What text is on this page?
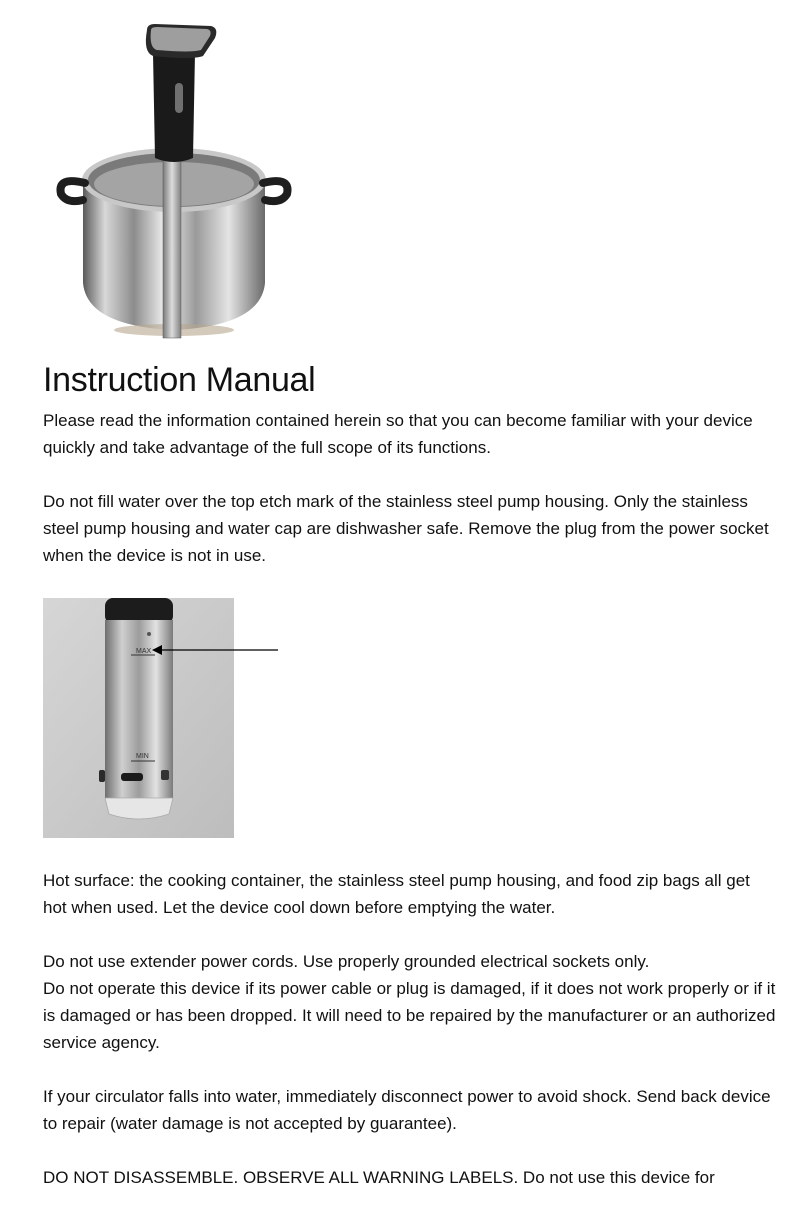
Instruction Manual

Please read the information contained herein so that you can become familiar with your device quickly and take advantage of the full scope of its functions.

Do not fill water over the top etch mark of the stainless steel pump housing. Only the stainless steel pump housing and water cap are dishwasher safe. Remove the plug from the power socket when the device is not in use.

MAX
MIN

Hot surface: the cooking container, the stainless steel pump housing, and food zip bags all get hot when used. Let the device cool down before emptying the water.

Do not use extender power cords. Use properly grounded electrical sockets only.

Do not operate this device if its power cable or plug is damaged, if it does not work properly or if it is damaged or has been dropped. It will need to be repaired by the manufacturer or an authorized service agency.

If your circulator falls into water, immediately disconnect power to avoid shock. Send back device to repair (water damage is not accepted by guarantee).

DO NOT DISASSEMBLE. OBSERVE ALL WARNING LABELS. Do not use this device for
